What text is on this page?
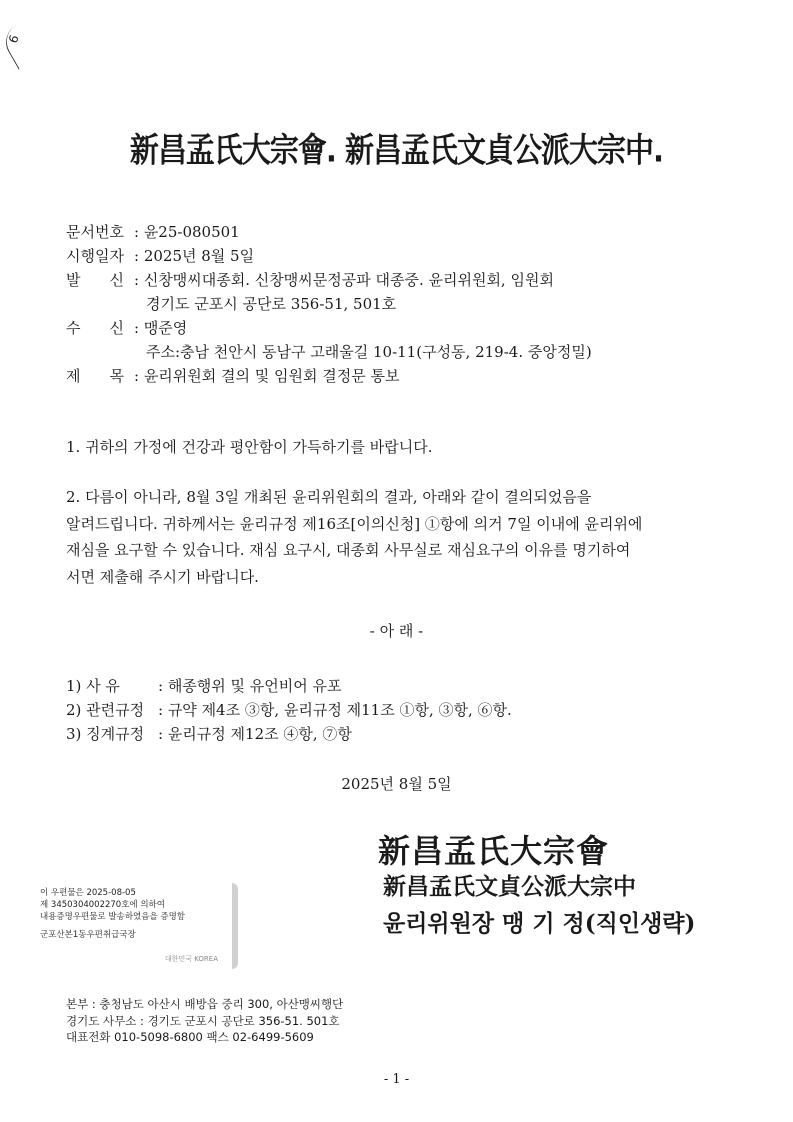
6
新昌孟氏大宗會. 新昌孟氏文貞公派大宗中.
문서번호 : 윤25-080501
시행일자 : 2025년 8월 5일
발 신 : 신창맹씨대종회. 신창맹씨문정공파 대종중. 윤리위원회, 임원회
경기도 군포시 공단로 356-51, 501호
수 신 : 맹준영
주소:충남 천안시 동남구 고래울길 10-11(구성동, 219-4. 중앙정밀)
제 목 : 윤리위원회 결의 및 임원회 결정문 통보
1. 귀하의 가정에 건강과 평안함이 가득하기를 바랍니다.
2. 다름이 아니라, 8월 3일 개최된 윤리위원회의 결과, 아래와 같이 결의되었음을
알려드립니다. 귀하께서는 윤리규정 제16조[이의신청] ①항에 의거 7일 이내에 윤리위에
재심을 요구할 수 있습니다. 재심 요구시, 대종회 사무실로 재심요구의 이유를 명기하여
서면 제출해 주시기 바랍니다.
- 아 래 -
1) 사 유	: 해종행위 및 유언비어 유포
2) 관련규정 : 규약 제4조 ③항, 윤리규정 제11조 ①항, ③항, ⑥항.
3) 징계규정 : 윤리규정 제12조 ④항, ⑦항
2025년 8월 5일
新昌孟氏大宗會
新昌孟氏文貞公派大宗中
윤리위원장 맹 기 정(직인생략)
이 우편물은 2025-08-05
제 345030400227​0호에 의하여
내용증명우편물로 발송하였음을 증명함
군포산본1동우편취급국장
대한민국 KOREA
본부 : 충청남도 아산시 배방읍 중리 300, 아산맹씨행단
경기도 사무소 : 경기도 군포시 공단로 356-51. 501호
대표전화 010-5098-6800 팩스 02-6499-5609
- 1 -
